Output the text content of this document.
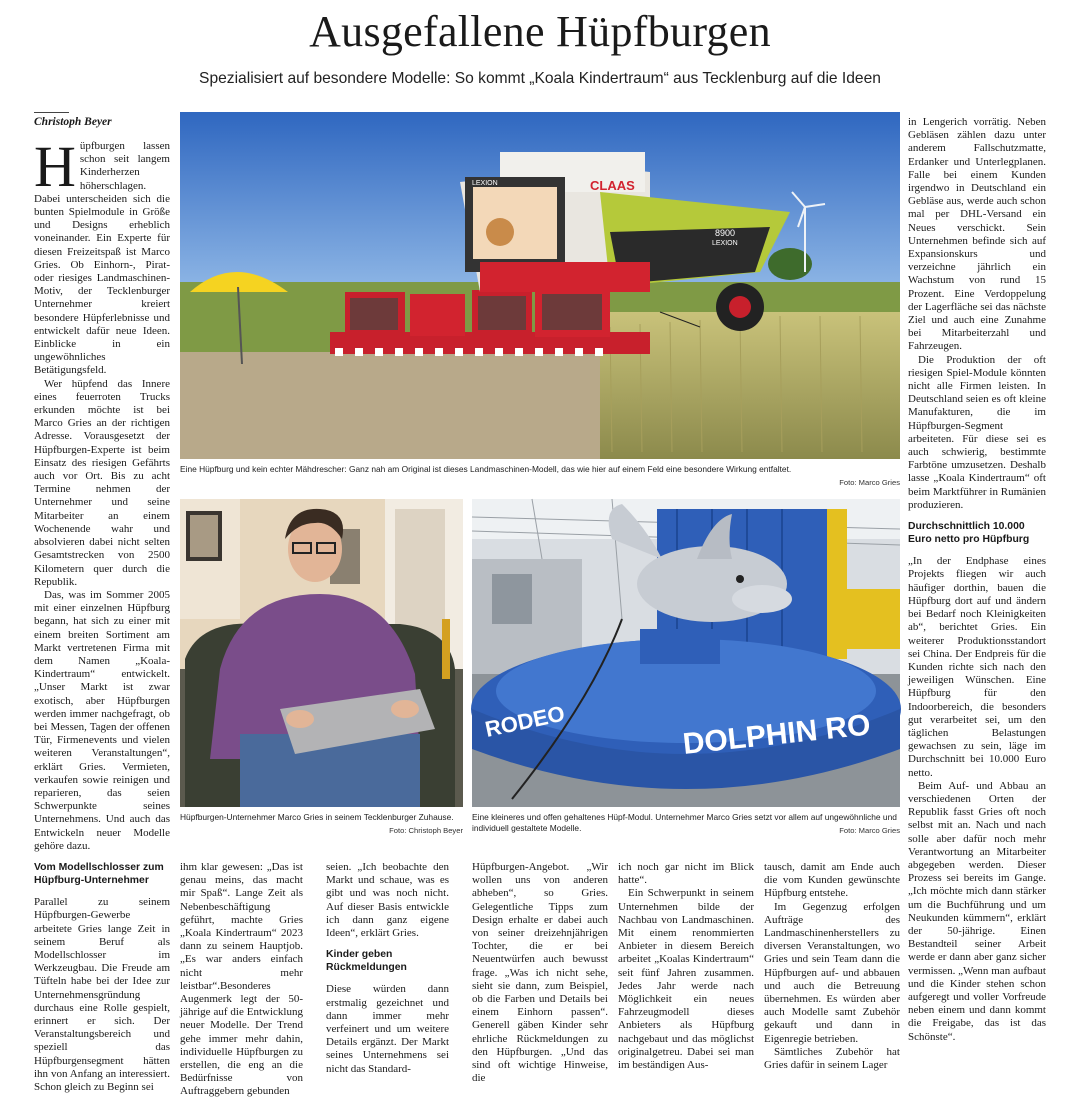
Ausgefallene Hüpfburgen

Spezialisiert auf besondere Modelle: So kommt „Koala Kindertraum“ aus Tecklenburg auf die Ideen

Christoph Beyer
H üpfburgen lassen schon seit langem Kinderherzen höherschlagen. Dabei unterscheiden sich die bunten Spielmodule in Größe und Designs erheblich voneinander. Ein Experte für diesen Freizeitspaß ist Marco Gries. Ob Einhorn-, Pirat- oder riesiges Landmaschinen-Motiv, der Tecklenburger Unternehmer kreiert besondere Hüpferlebnisse und entwickelt dafür neue Ideen. Einblicke in ein ungewöhnliches Betätigungsfeld.

Wer hüpfend das Innere eines feuerroten Trucks erkunden möchte ist bei Marco Gries an der richtigen Adresse. Vorausgesetzt der Hüpfburgen-Experte ist beim Einsatz des riesigen Gefährts auch vor Ort. Bis zu acht Termine nehmen der Unternehmer und seine Mitarbeiter an einem Wochenende wahr und absolvieren dabei nicht selten Gesamtstrecken von 2500 Kilometern quer durch die Republik.

Das, was im Sommer 2005 mit einer einzelnen Hüpfburg begann, hat sich zu einer mit einem breiten Sortiment am Markt vertretenen Firma mit dem Namen „Koala-Kindertraum“ entwickelt. „Unser Markt ist zwar exotisch, aber Hüpfburgen werden immer nachgefragt, ob bei Messen, Tagen der offenen Tür, Firmenevents und vielen weiteren Veranstaltungen“, erklärt Gries. Vermieten, verkaufen sowie reinigen und reparieren, das seien Schwerpunkte seines Unternehmens. Und auch das Entwickeln neuer Modelle gehöre dazu.

Vom Modellschlosser zum Hüpfburg-Unternehmer

Parallel zu seinem Hüpfburgen-Gewerbe arbeitete Gries lange Zeit in seinem Beruf als Modellschlosser im Werkzeugbau. Die Freude am Tüfteln habe bei der Idee zur Unternehmensgründung durchaus eine Rolle gespielt, erinnert er sich. Der Veranstaltungsbereich und speziell das Hüpfburgensegment hätten ihn von Anfang an interessiert. Schon gleich zu Beginn sei

ihm klar gewesen: „Das ist genau meins, das macht mir Spaß“. Lange Zeit als Nebenbeschäftigung geführt, machte Gries „Koala Kindertraum“ 2023 dann zu seinem Hauptjob. „Es war anders einfach nicht mehr leistbar“.Besonderes Augenmerk legt der 50-jährige auf die Entwicklung neuer Modelle. Der Trend gehe immer mehr dahin, individuelle Hüpfburgen zu erstellen, die eng an die Bedürfnisse von Auftraggebern gebunden

seien. „Ich beobachte den Markt und schaue, was es gibt und was noch nicht. Auf dieser Basis entwickle ich dann ganz eigene Ideen“, erklärt Gries.

Kinder geben Rückmeldungen

Diese würden dann erstmalig gezeichnet und dann immer mehr verfeinert und um weitere Details ergänzt. Der Markt seines Unternehmens sei nicht das Standard-

Hüpfburgen-Angebot. „Wir wollen uns von anderen abheben“, so Gries. Gelegentliche Tipps zum Design erhalte er dabei auch von seiner dreizehnjährigen Tochter, die er bei Neuentwürfen auch bewusst frage. „Was ich nicht sehe, sieht sie dann, zum Beispiel, ob die Farben und Details bei einem Einhorn passen“. Generell gäben Kinder sehr ehrliche Rückmeldungen zu den Hüpfburgen. „Und das sind oft wichtige Hinweise, die

ich noch gar nicht im Blick hatte“.

Ein Schwerpunkt in seinem Unternehmen bilde der Nachbau von Landmaschinen. Mit einem renommierten Anbieter in diesem Bereich arbeitet „Koalas Kindertraum“ seit fünf Jahren zusammen. Jedes Jahr werde nach Möglichkeit ein neues Fahrzeugmodell dieses Anbieters als Hüpfburg nachgebaut und das möglichst originalgetreu. Dabei sei man im beständigen Aus-

tausch, damit am Ende auch die vom Kunden gewünschte Hüpfburg entstehe.

Im Gegenzug erfolgen Aufträge des Landmaschinenherstellers zu diversen Veranstaltungen, wo Gries und sein Team dann die Hüpfburgen auf- und abbauen und auch die Betreuung übernehmen. Es würden aber auch Modelle samt Zubehör gekauft und dann in Eigenregie betrieben.

Sämtliches Zubehör hat Gries dafür in seinem Lager

in Lengerich vorrätig. Neben Gebläsen zählen dazu unter anderem Fallschutzmatte, Erdanker und Unterlegplanen. Falle bei einem Kunden irgendwo in Deutschland ein Gebläse aus, werde auch schon mal per DHL-Versand ein Neues verschickt. Sein Unternehmen befinde sich auf Expansionskurs und verzeichne jährlich ein Wachstum von rund 15 Prozent. Eine Verdoppelung der Lagerfläche sei das nächste Ziel und auch eine Zunahme bei Mitarbeiterzahl und Fahrzeugen.

Die Produktion der oft riesigen Spiel-Module könnten nicht alle Firmen leisten. In Deutschland seien es oft kleine Manufakturen, die im Hüpfburgen-Segment arbeiteten. Für diese sei es auch schwierig, bestimmte Farbtöne umzusetzen. Deshalb lasse „Koala Kindertraum“ oft beim Marktführer in Rumänien produzieren.

Durchschnittlich 10.000 Euro netto pro Hüpfburg

„In der Endphase eines Projekts fliegen wir auch häufiger dorthin, bauen die Hüpfburg dort auf und ändern bei Bedarf noch Kleinigkeiten ab“, berichtet Gries. Ein weiterer Produktionsstandort sei China. Der Endpreis für die Kunden richte sich nach den jeweiligen Wünschen. Eine Hüpfburg für den Indoorbereich, die besonders gut verarbeitet sei, um den täglichen Belastungen gewachsen zu sein, läge im Durchschnitt bei 10.000 Euro netto.

Beim Auf- und Abbau an verschiedenen Orten der Republik fasst Gries oft noch selbst mit an. Nach und nach solle aber dafür noch mehr Verantwortung an Mitarbeiter abgegeben werden. Dieser Prozess sei bereits im Gange. „Ich möchte mich dann stärker um die Buchführung und um Neukunden kümmern“, erklärt der 50-jährige. Einen Bestandteil seiner Arbeit werde er dann aber ganz sicher vermissen. „Wenn man aufbaut und die Kinder stehen schon aufgeregt und voller Vorfreude neben einem und dann kommt die Freigabe, das ist das Schönste“.

CLAAS
8900
LEXION
LEXION
Eine Hüpfburg und kein echter Mähdrescher: Ganz nah am Original ist dieses Landmaschinen-Modell, das wie hier auf einem Feld eine besondere Wirkung entfaltet.
Foto: Marco Gries
Hüpfburgen-Unternehmer Marco Gries in seinem Tecklenburger Zuhause.
Foto: Christoph Beyer
RODEO	DOLPHIN RO
Eine kleineres und offen gehaltenes Hüpf-Modul. Unternehmer Marco Gries setzt vor allem auf ungewöhnliche und individuell gestaltete Modelle.	Foto: Marco Gries
